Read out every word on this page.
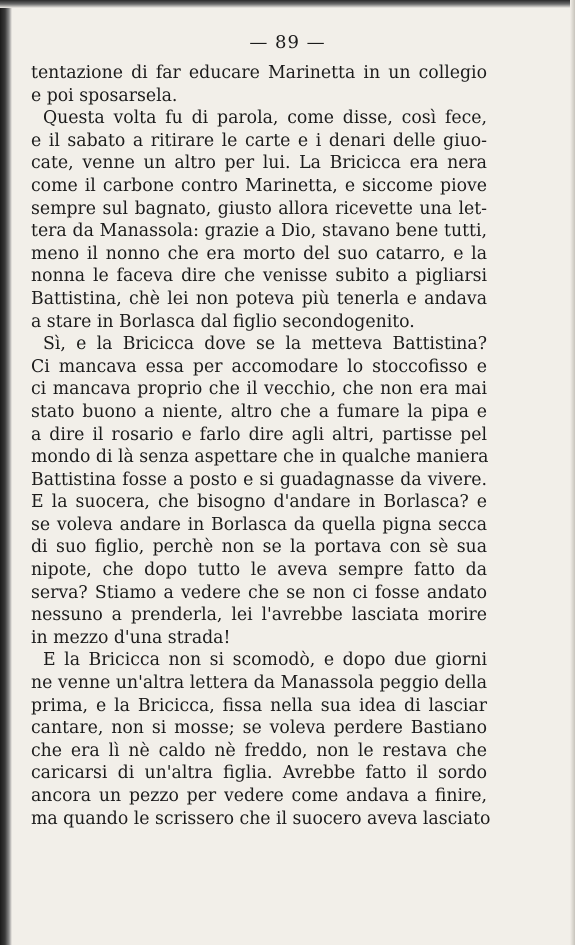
— 89 —
tentazione di far educare Marinetta in un collegio
e poi sposarsela.
Questa volta fu di parola, come disse, così fece,
e il sabato a ritirare le carte e i denari delle giuo-
cate, venne un altro per lui. La Bricicca era nera
come il carbone contro Marinetta, e siccome piove
sempre sul bagnato, giusto allora ricevette una let-
tera da Manassola: grazie a Dio, stavano bene tutti,
meno il nonno che era morto del suo catarro, e la
nonna le faceva dire che venisse subito a pigliarsi
Battistina, chè lei non poteva più tenerla e andava
a stare in Borlasca dal figlio secondogenito.
Sì, e la Bricicca dove se la metteva Battistina?
Ci mancava essa per accomodare lo stoccofisso e
ci mancava proprio che il vecchio, che non era mai
stato buono a niente, altro che a fumare la pipa e
a dire il rosario e farlo dire agli altri, partisse pel
mondo di là senza aspettare che in qualche maniera
Battistina fosse a posto e si guadagnasse da vivere.
E la suocera, che bisogno d'andare in Borlasca? e
se voleva andare in Borlasca da quella pigna secca
di suo figlio, perchè non se la portava con sè sua
nipote, che dopo tutto le aveva sempre fatto da
serva? Stiamo a vedere che se non ci fosse andato
nessuno a prenderla, lei l'avrebbe lasciata morire
in mezzo d'una strada!
E la Bricicca non si scomodò, e dopo due giorni
ne venne un'altra lettera da Manassola peggio della
prima, e la Bricicca, fissa nella sua idea di lasciar
cantare, non si mosse; se voleva perdere Bastiano
che era lì nè caldo nè freddo, non le restava che
caricarsi di un'altra figlia. Avrebbe fatto il sordo
ancora un pezzo per vedere come andava a finire,
ma quando le scrissero che il suocero aveva lasciato
